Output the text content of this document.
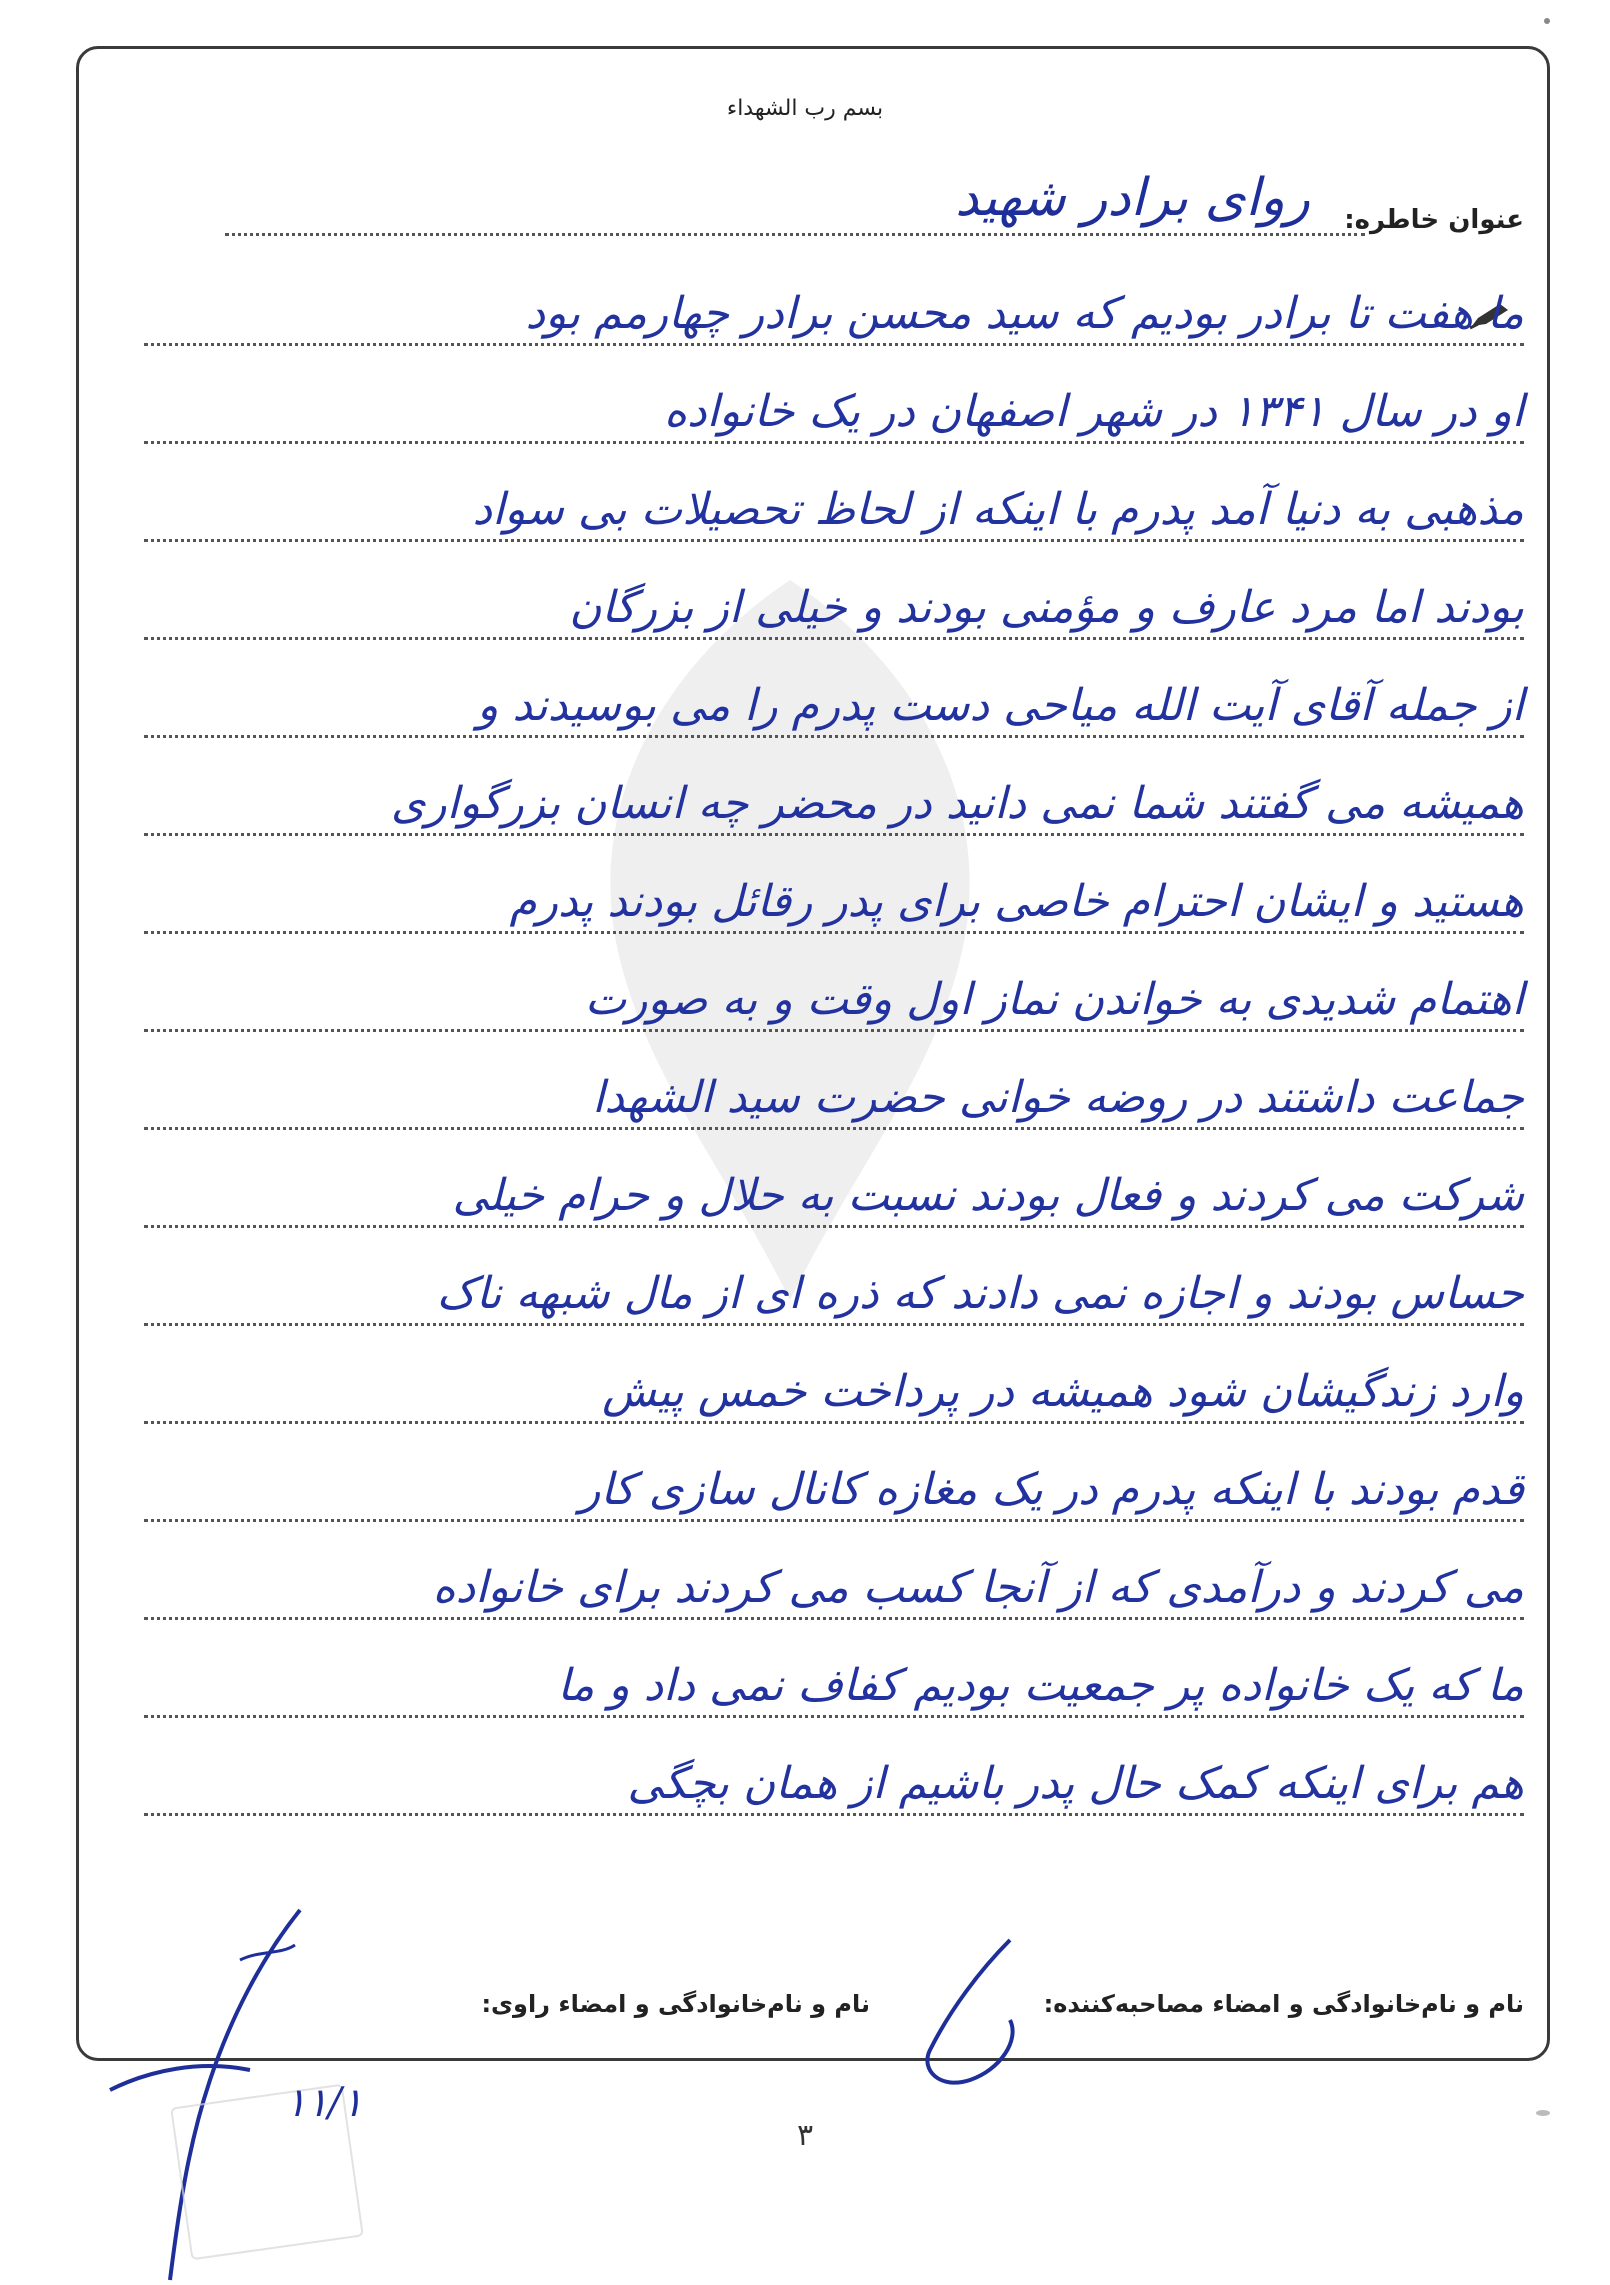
بسم رب الشهداء
عنوان خاطره:
روای برادر شهید
ما هفت تا برادر بودیم که سید محسن برادر چهارمم بود
او در سال ۱۳۴۱ در شهر اصفهان در یک خانواده
مذهبی به دنیا آمد پدرم با اینکه از لحاظ تحصیلات بی سواد
بودند اما مرد عارف و مؤمنی بودند و خیلی از بزرگان
از جمله آقای آیت الله میاحی دست پدرم را می بوسیدند و
همیشه می گفتند شما نمی دانید در محضر چه انسان بزرگواری
هستید و ایشان احترام خاصی برای پدر رقائل بودند پدرم
اهتمام شدیدی به خواندن نماز اول وقت و به صورت
جماعت داشتند در روضه خوانی حضرت سید الشهدا
شرکت می کردند و فعال بودند نسبت به حلال و حرام خیلی
حساس بودند و اجازه نمی دادند که ذره ای از مال شبهه ناک
وارد زندگیشان شود همیشه در پرداخت خمس پیش
قدم بودند با اینکه پدرم در یک مغازه کانال سازی کار
می کردند و درآمدی که از آنجا کسب می کردند برای خانواده
ما که یک خانواده پر جمعیت بودیم کفاف نمی داد و ما
هم برای اینکه کمک حال پدر باشیم از همان بچگی
نام و نام‌خانوادگی و امضاء مصاحبه‌کننده:
نام و نام‌خانوادگی و امضاء راوی:
۱۱/۱
۳
